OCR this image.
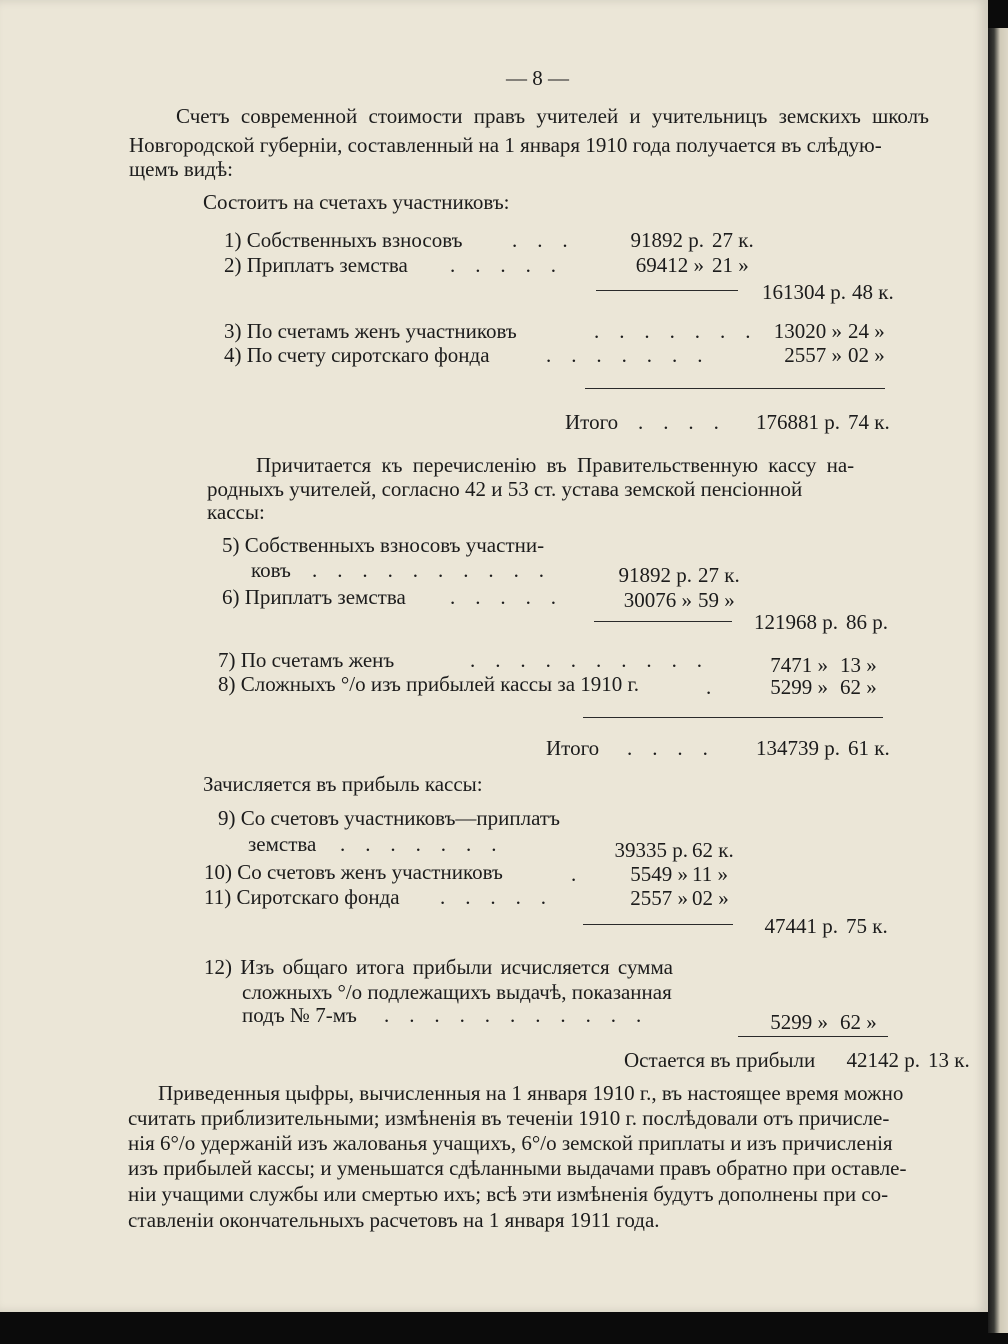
— 8 —
Счетъ современной стоимости правъ учителей и учительницъ земскихъ школъ
Новгородской губерніи, составленный на 1 января 1910 года получается въ слѣдую-
щемъ видѣ:
Состоитъ на счетахъ участниковъ:
1) Собственныхъ взносовъ . . .	91892 р. 27 к.
2) Приплатъ земства . . . . .	69412 » 21 »
161304 р. 48 к.
3) По счетамъ женъ участниковъ	. . . . . . . 13020 » 24 »
4) По счету сиротскаго фонда	. . . . . . .	2557 » 02 »
Итого . . . .	176881 р. 74 к.
Причитается къ перечисленію въ Правительственную кассу на-
родныхъ учителей, согласно 42 и 53 ст. устава земской пенсіонной
кассы:
5) Собственныхъ взносовъ участни-
ковъ . . . . . . . . . .	91892 р. 27 к.
6) Приплатъ земства . . . . .	30076 » 59 »
121968 р. 86 р.
7) По счетамъ женъ	. . . . . . . . . .	7471 » 13 »
8) Сложныхъ °/о изъ прибылей кассы за 1910 г.	.	5299 » 62 »
Итого . . . .	134739 р. 61 к.
Зачисляется въ прибыль кассы:
9) Со счетовъ участниковъ—приплатъ
земства . . . . . . .	39335 р. 62 к.
10) Со счетовъ женъ участниковъ	.	5549 » 11 »
11) Сиротскаго фонда . . . . .	2557 » 02 »
47441 р. 75 к.
12) Изъ общаго итога прибыли исчисляется сумма
сложныхъ °/о подлежащихъ выдачѣ, показанная
подъ № 7-мъ . . . . . . . . . . .	5299 » 62 »
Остается въ прибыли	42142 р. 13 к.
Приведенныя цыфры, вычисленныя на 1 января 1910 г., въ настоящее время можно
считать приблизительными; измѣненія въ теченіи 1910 г. послѣдовали отъ причисле-
нія 6°/о удержаній изъ жалованья учащихъ, 6°/о земской приплаты и изъ причисленія
изъ прибылей кассы; и уменьшатся сдѣланными выдачами правъ обратно при оставле-
ніи учащими службы или смертью ихъ; всѣ эти измѣненія будутъ дополнены при со-
ставленіи окончательныхъ расчетовъ на 1 января 1911 года.
